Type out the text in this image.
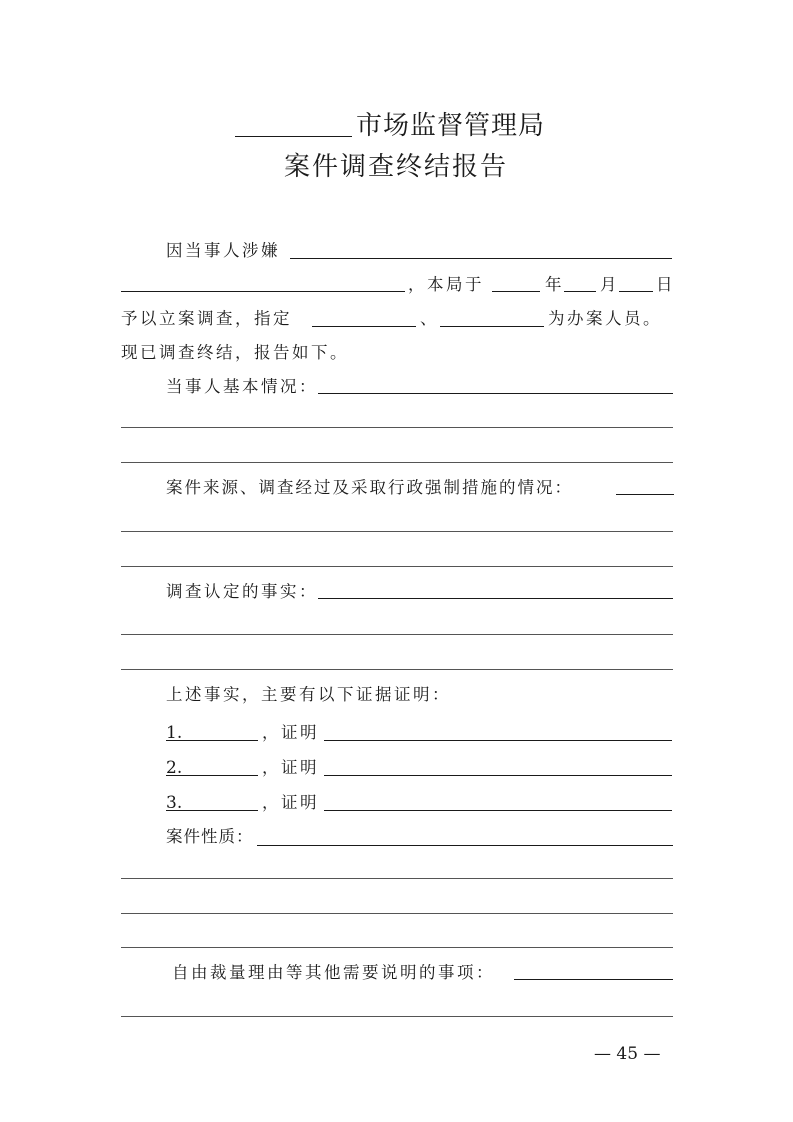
市场监督管理局
案件调查终结报告
因当事人涉嫌
，本局于	年 月 日
予以立案调查，指定	、	为办案人员。
现已调查终结，报告如下。
当事人基本情况：
案件来源、调查经过及采取行政强制措施的情况：
调查认定的事实：
上述事实，主要有以下证据证明：
1.	，证明
2.	，证明
3.	，证明
案件性质：
自由裁量理由等其他需要说明的事项：
— 45 —
